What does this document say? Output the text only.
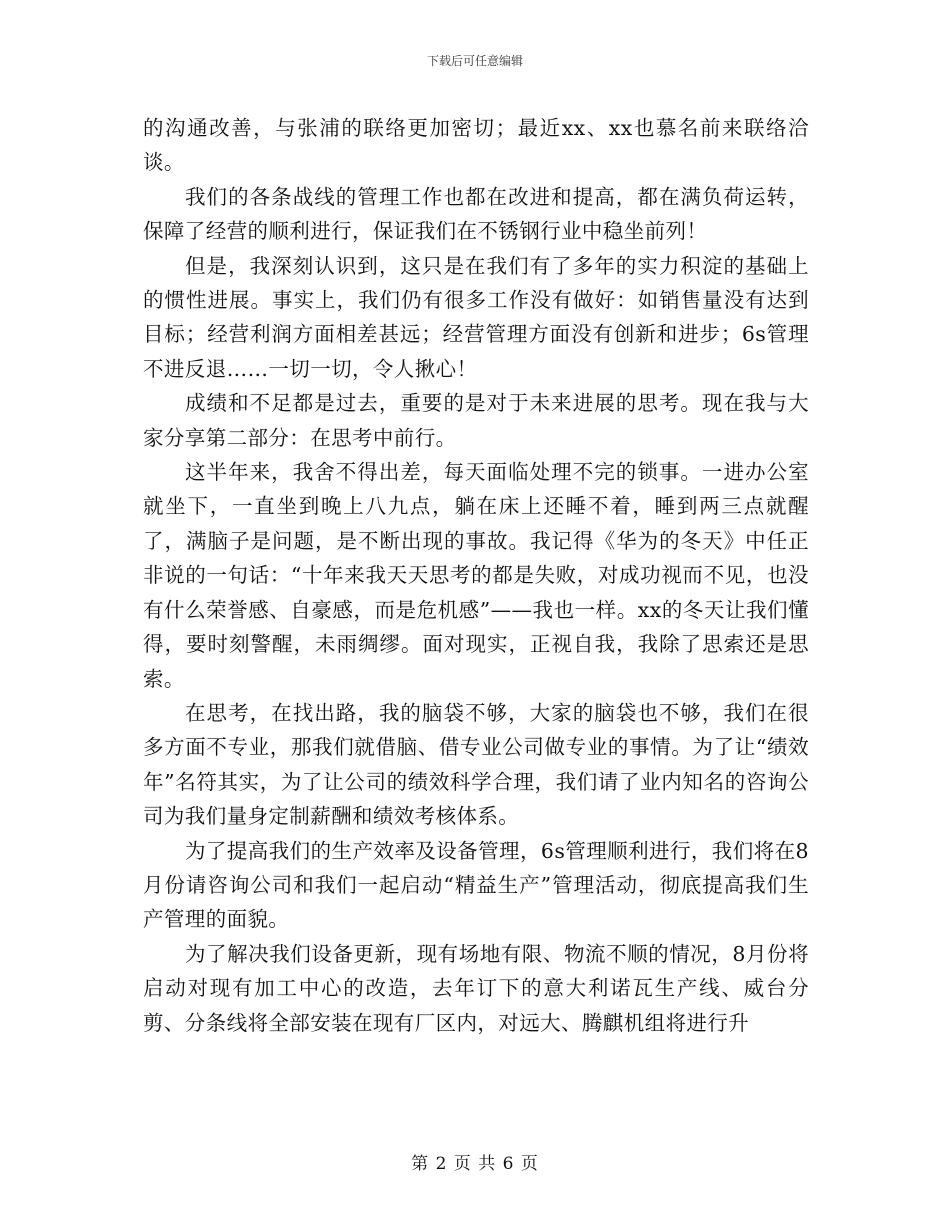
下载后可任意编辑

的沟通改善，与张浦的联络更加密切；最近xx、xx也慕名前来联络洽谈。

我们的各条战线的管理工作也都在改进和提高，都在满负荷运转，保障了经营的顺利进行，保证我们在不锈钢行业中稳坐前列！

但是，我深刻认识到，这只是在我们有了多年的实力积淀的基础上的惯性进展。事实上，我们仍有很多工作没有做好：如销售量没有达到目标；经营利润方面相差甚远；经营管理方面没有创新和进步；6s管理不进反退……一切一切，令人揪心！

成绩和不足都是过去，重要的是对于未来进展的思考。现在我与大家分享第二部分：在思考中前行。

这半年来，我舍不得出差，每天面临处理不完的锁事。一进办公室就坐下，一直坐到晚上八九点，躺在床上还睡不着，睡到两三点就醒了，满脑子是问题，是不断出现的事故。我记得《华为的冬天》中任正非说的一句话：“十年来我天天思考的都是失败，对成功视而不见，也没有什么荣誉感、自豪感，而是危机感”——我也一样。xx的冬天让我们懂得，要时刻警醒，未雨绸缪。面对现实，正视自我，我除了思索还是思索。

在思考，在找出路，我的脑袋不够，大家的脑袋也不够，我们在很多方面不专业，那我们就借脑、借专业公司做专业的事情。为了让“绩效年”名符其实，为了让公司的绩效科学合理，我们请了业内知名的咨询公司为我们量身定制薪酬和绩效考核体系。

为了提高我们的生产效率及设备管理，6s管理顺利进行，我们将在8月份请咨询公司和我们一起启动“精益生产”管理活动，彻底提高我们生产管理的面貌。

为了解决我们设备更新，现有场地有限、物流不顺的情况，8月份将启动对现有加工中心的改造，去年订下的意大利诺瓦生产线、威台分剪、分条线将全部安装在现有厂区内，对远大、腾麒机组将进行升

第 2 页 共 6 页
